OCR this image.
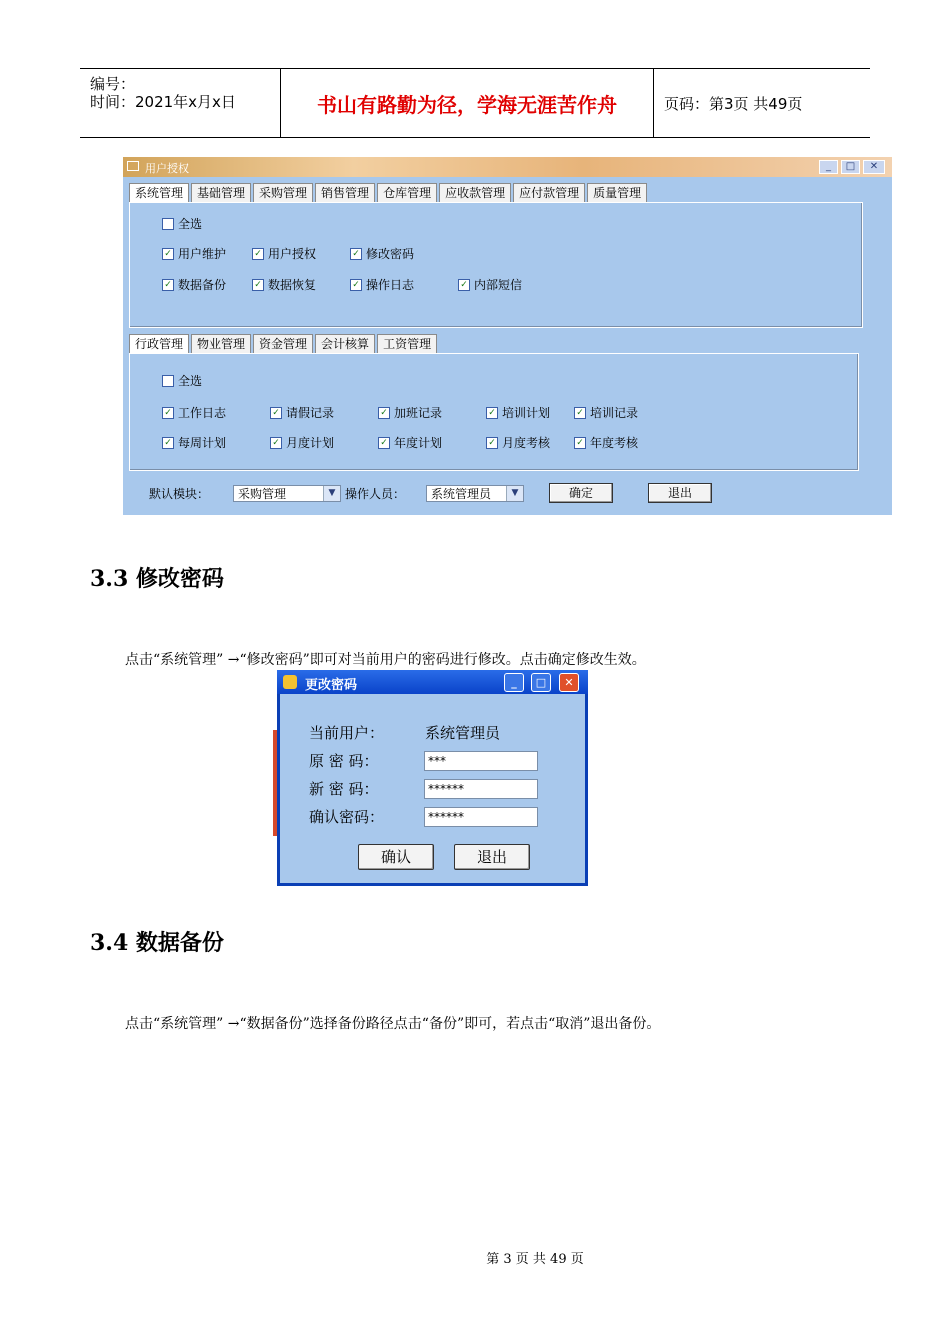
编号：
时间：2021年x月x日	书山有路勤为径，学海无涯苦作舟	页码：第3页 共49页
用户授权	_	□	✕
系统管理	基础管理	采购管理	销售管理	仓库管理	应收款管理	应付款管理	质量管理
全选
✓ 用户维护	✓ 用户授权	✓ 修改密码
✓ 数据备份	✓ 数据恢复	✓ 操作日志	✓ 内部短信
行政管理	物业管理	资金管理	会计核算	工资管理
全选
✓ 工作日志	✓ 请假记录	✓ 加班记录	✓ 培训计划	✓ 培训记录
✓ 每周计划	✓ 月度计划	✓ 年度计划	✓ 月度考核	✓ 年度考核
默认模块：	采购管理	▼ 操作人员：	系统管理员	▼	确定	退出
3.3 修改密码
点击“系统管理” →“修改密码”即可对当前用户的密码进行修改。点击确定修改生效。
更改密码	_	□	✕
当前用户：	系统管理员
原 密 码：	***
新 密 码：	******
确认密码：	******
确认	退出
3.4 数据备份
点击“系统管理” →“数据备份”选择备份路径点击“备份”即可，若点击“取消”退出备份。
第 3 页 共 49 页
